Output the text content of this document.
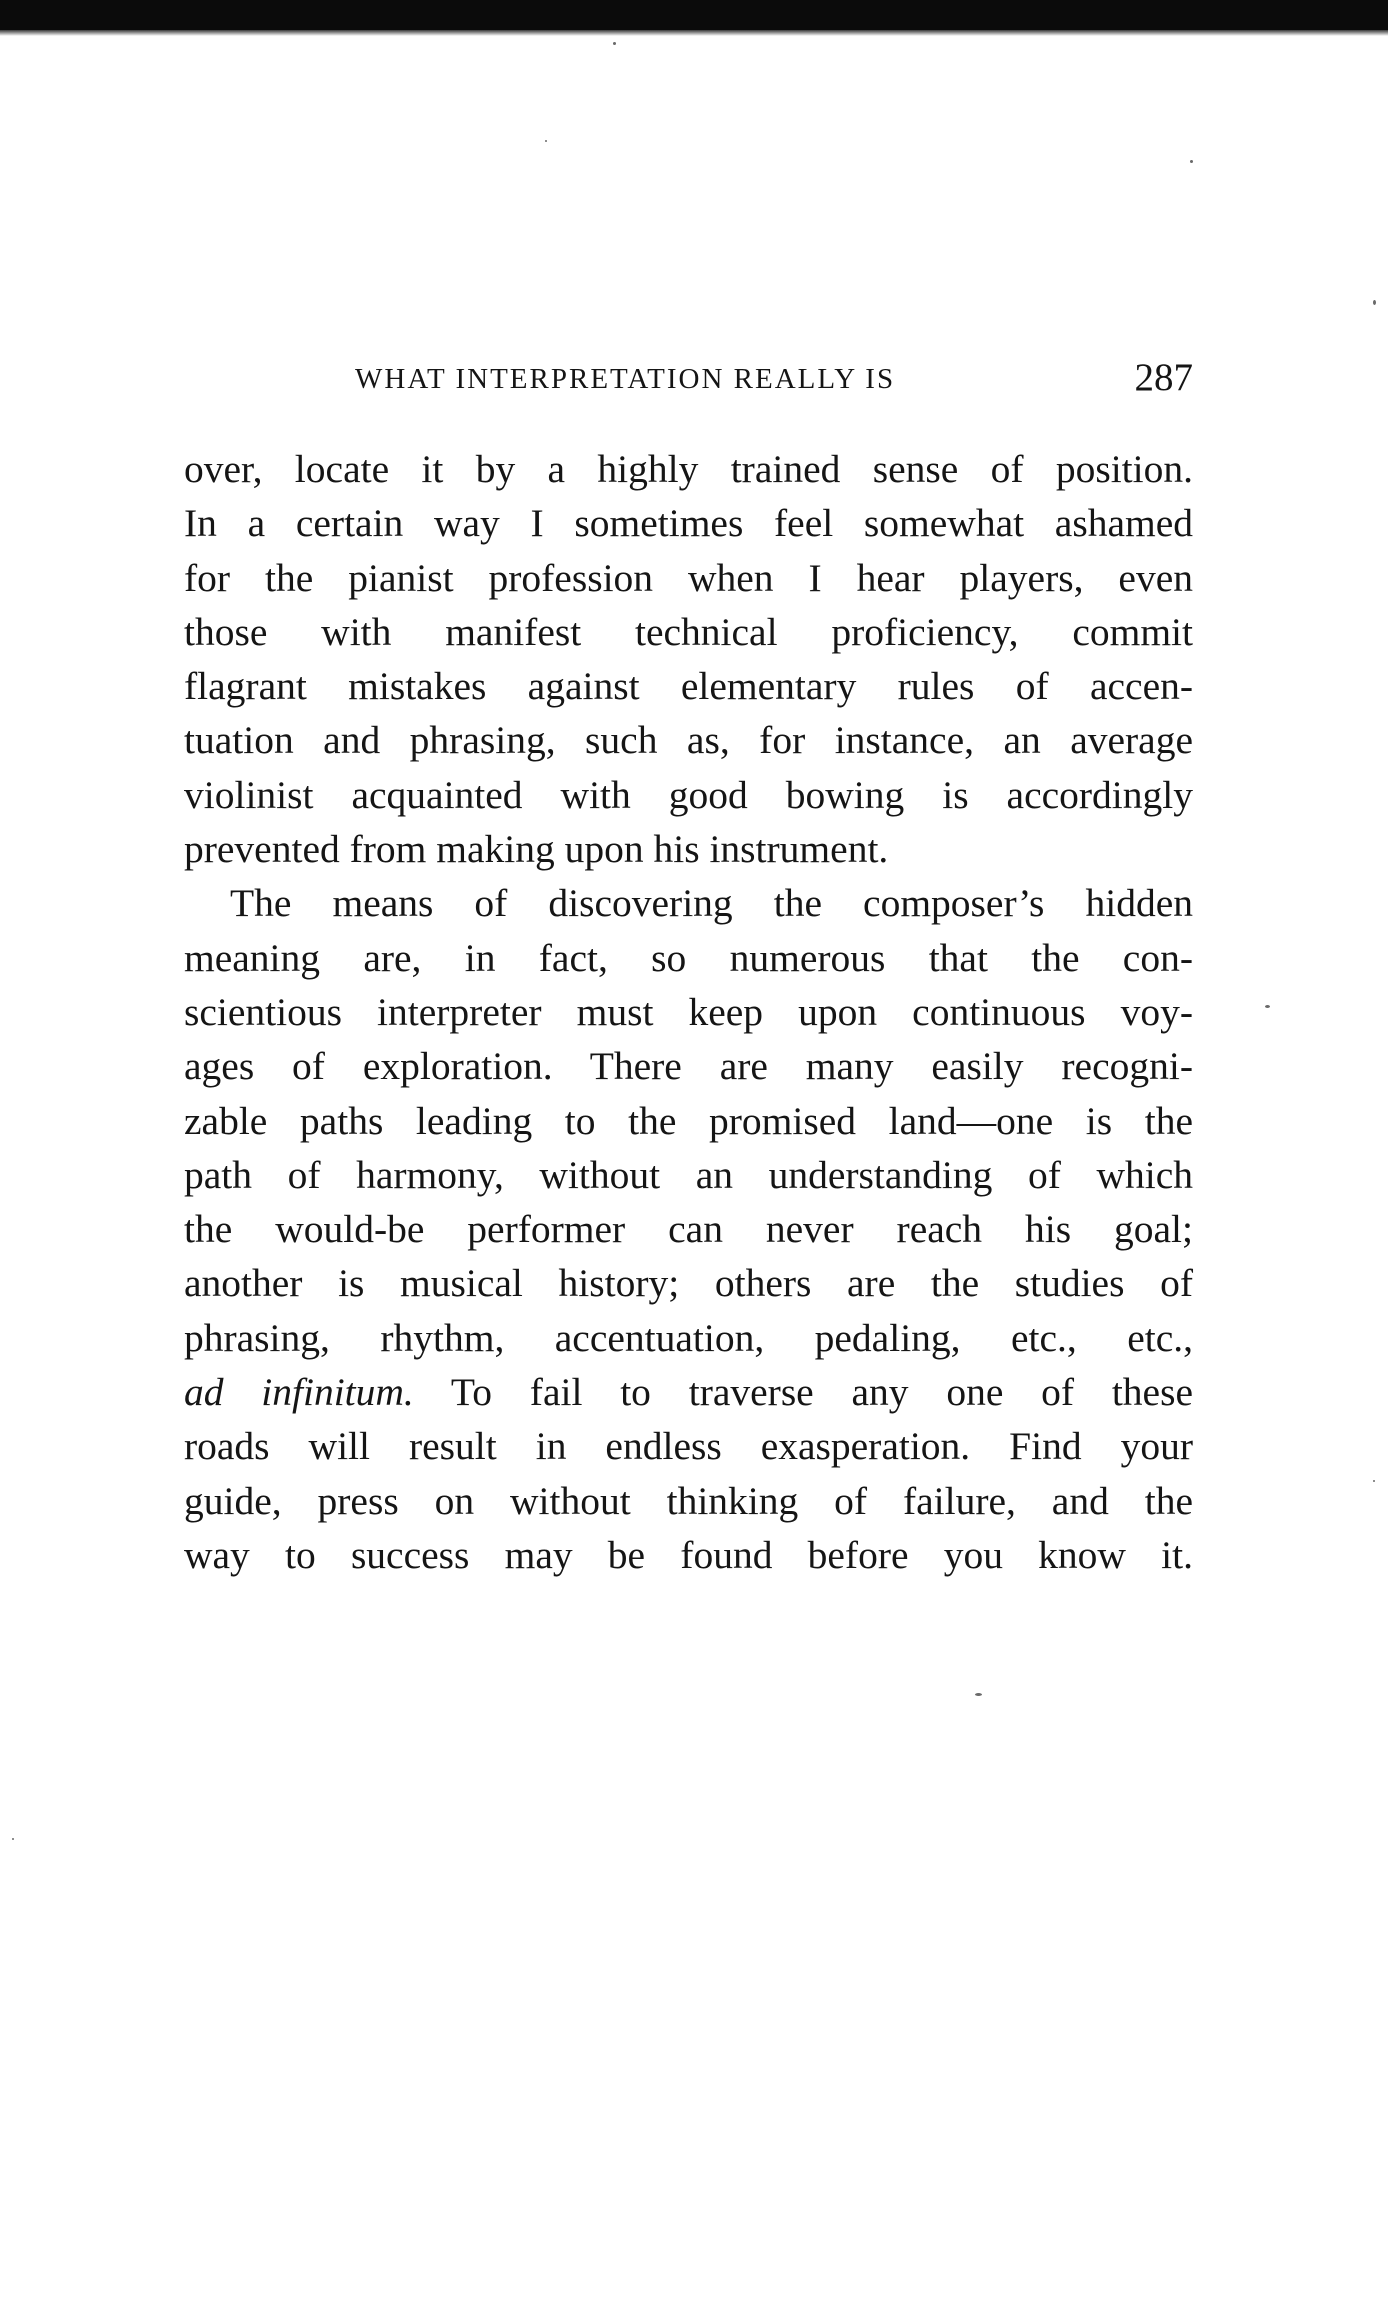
WHAT INTERPRETATION REALLY IS	287
over, locate it by a highly trained sense of position.
In a certain way I sometimes feel somewhat ashamed
for the pianist profession when I hear players, even
those with manifest technical proficiency, commit
flagrant mistakes against elementary rules of accen-
tuation and phrasing, such as, for instance, an average
violinist acquainted with good bowing is accordingly
prevented from making upon his instrument.
The means of discovering the composer’s hidden
meaning are, in fact, so numerous that the con-
scientious interpreter must keep upon continuous voy-
ages of exploration. There are many easily recogni-
zable paths leading to the promised land—one is the
path of harmony, without an understanding of which
the would-be performer can never reach his goal;
another is musical history; others are the studies of
phrasing, rhythm, accentuation, pedaling, etc., etc.,
ad infinitum. To fail to traverse any one of these
roads will result in endless exasperation. Find your
guide, press on without thinking of failure, and the
way to success may be found before you know it.
